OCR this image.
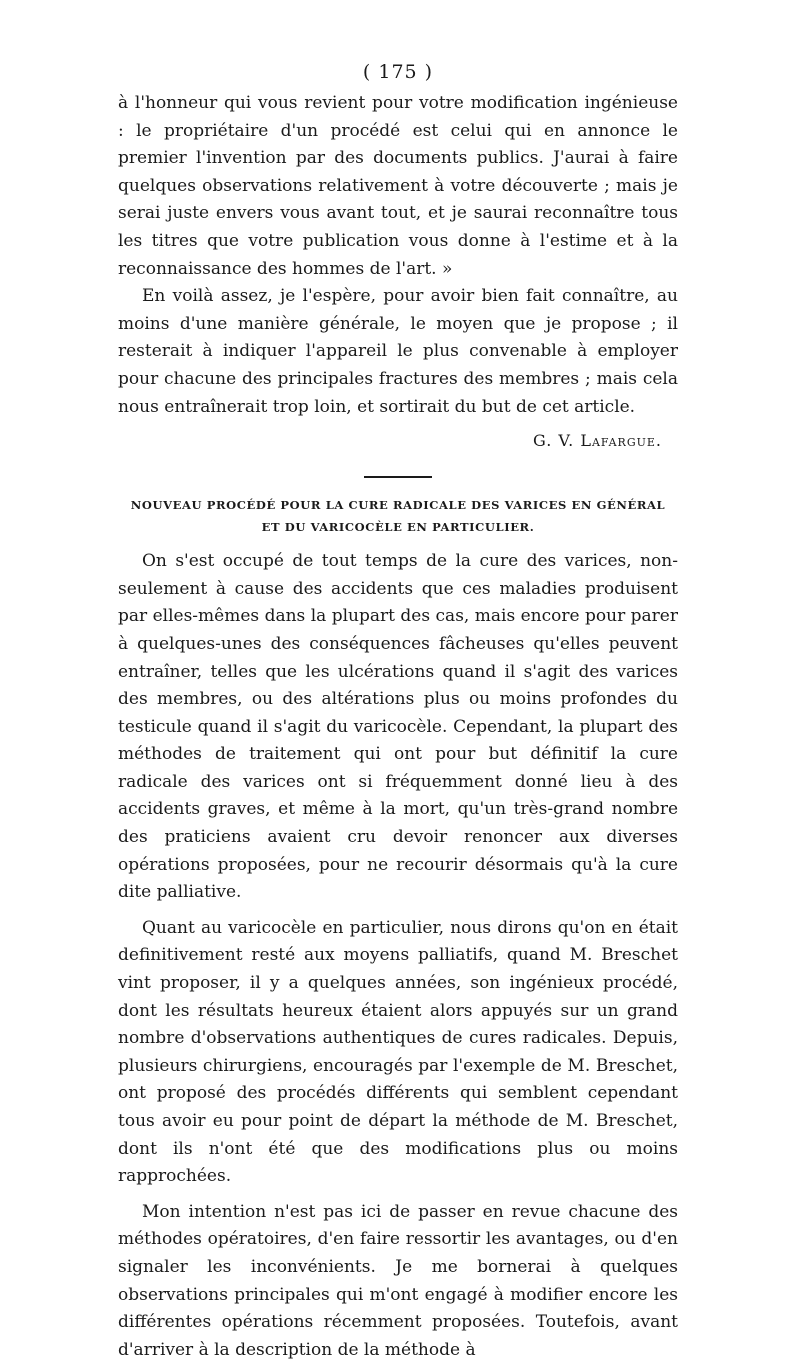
( 175 )

à l'honneur qui vous revient pour votre modification ingénieuse : le propriétaire d'un procédé est celui qui en annonce le premier l'invention par des documents publics. J'aurai à faire quelques observations relativement à votre découverte ; mais je serai juste envers vous avant tout, et je saurai reconnaître tous les titres que votre publication vous donne à l'estime et à la reconnaissance des hommes de l'art. »

En voilà assez, je l'espère, pour avoir bien fait connaître, au moins d'une manière générale, le moyen que je propose ; il resterait à indiquer l'appareil le plus convenable à employer pour chacune des principales fractures des membres ; mais cela nous entraînerait trop loin, et sortirait du but de cet article.

G. V. Lafargue.
NOUVEAU PROCÉDÉ POUR LA CURE RADICALE DES VARICES EN GÉNÉRAL
ET DU VARICOCÈLE EN PARTICULIER.

On s'est occupé de tout temps de la cure des varices, non-seulement à cause des accidents que ces maladies produisent par elles-mêmes dans la plupart des cas, mais encore pour parer à quelques-unes des conséquences fâcheuses qu'elles peuvent entraîner, telles que les ulcérations quand il s'agit des varices des membres, ou des altérations plus ou moins profondes du testicule quand il s'agit du varicocèle. Cependant, la plupart des méthodes de traitement qui ont pour but définitif la cure radicale des varices ont si fréquemment donné lieu à des accidents graves, et même à la mort, qu'un très-grand nombre des praticiens avaient cru devoir renoncer aux diverses opérations proposées, pour ne recourir désormais qu'à la cure dite palliative.

Quant au varicocèle en particulier, nous dirons qu'on en était definitivement resté aux moyens palliatifs, quand M. Breschet vint proposer, il y a quelques années, son ingénieux procédé, dont les résultats heureux étaient alors appuyés sur un grand nombre d'observations authentiques de cures radicales. Depuis, plusieurs chirurgiens, encouragés par l'exemple de M. Breschet, ont proposé des procédés différents qui semblent cependant tous avoir eu pour point de départ la méthode de M. Breschet, dont ils n'ont été que des modifications plus ou moins rapprochées.

Mon intention n'est pas ici de passer en revue chacune des méthodes opératoires, d'en faire ressortir les avantages, ou d'en signaler les inconvénients. Je me bornerai à quelques observations principales qui m'ont engagé à modifier encore les différentes opérations récemment proposées. Toutefois, avant d'arriver à la description de la méthode à
